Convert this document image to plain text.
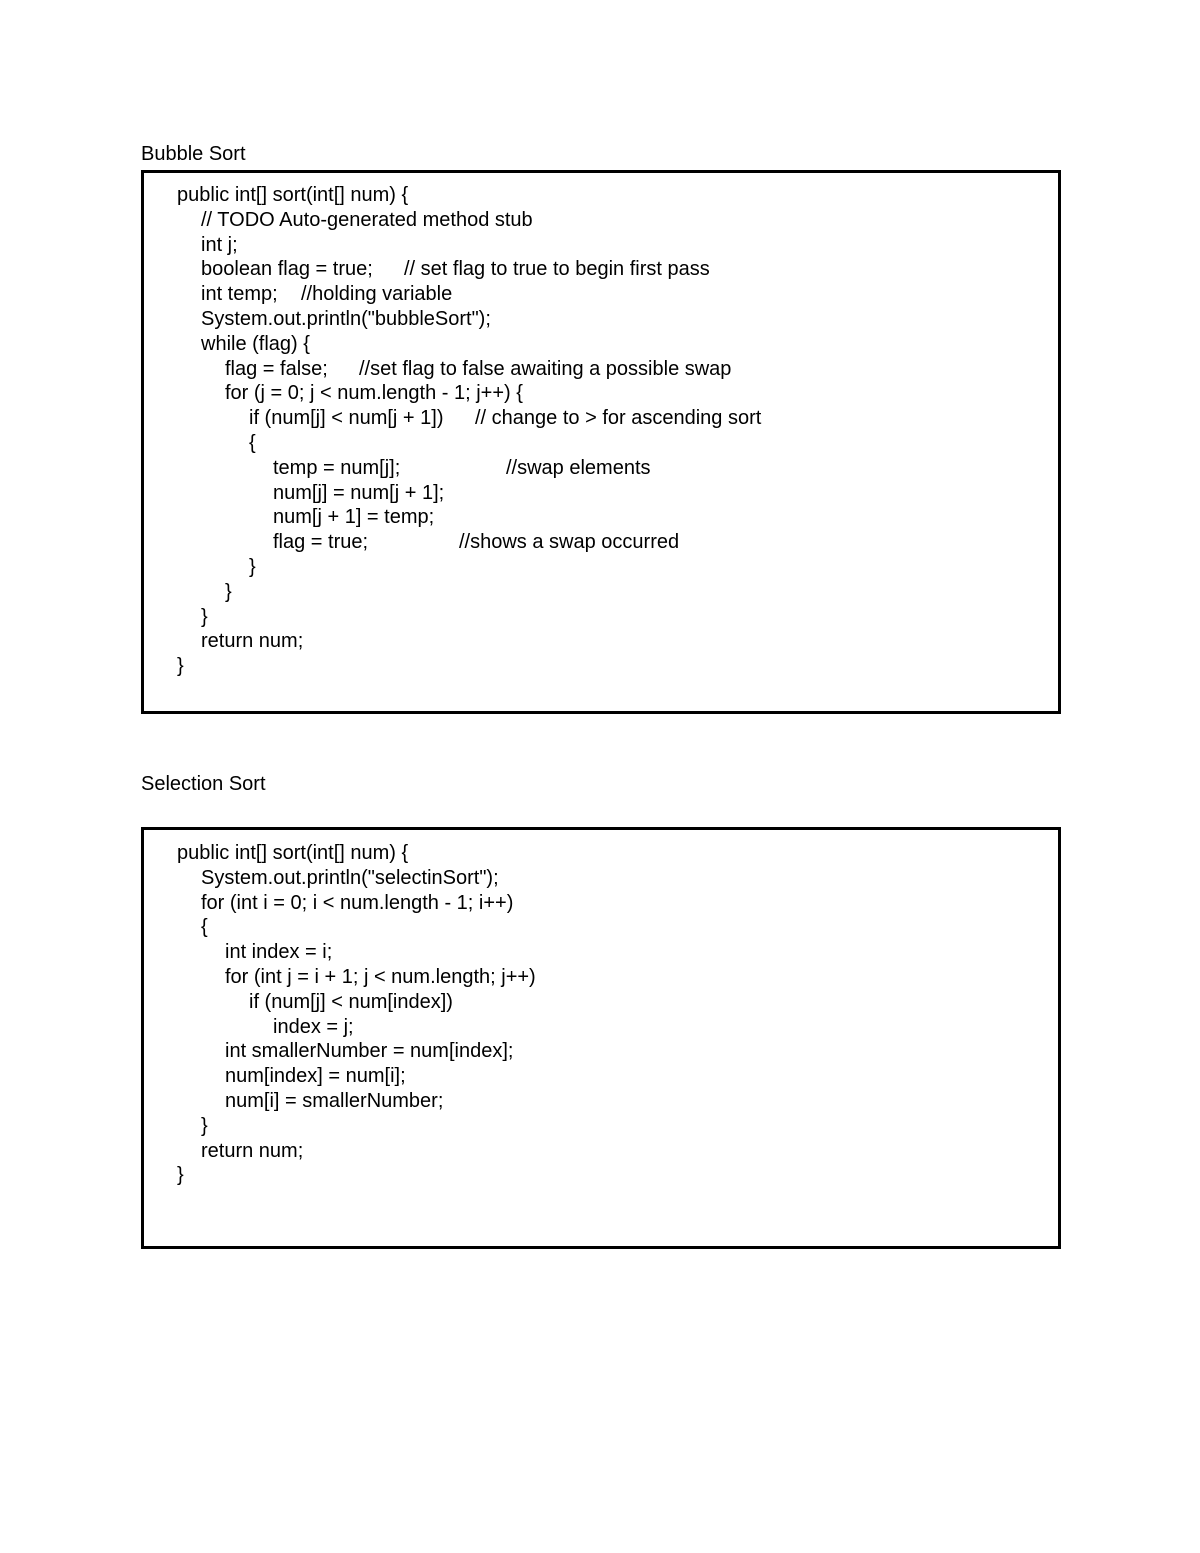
Bubble Sort
public int[] sort(int[] num) {
// TODO Auto-generated method stub
int j;
boolean flag = true; // set flag to true to begin first pass
int temp; //holding variable
System.out.println("bubbleSort");
while (flag) {
flag = false; //set flag to false awaiting a possible swap
for (j = 0; j < num.length - 1; j++) {
if (num[j] < num[j + 1]) // change to > for ascending sort
{
temp = num[j];	//swap elements
num[j] = num[j + 1];
num[j + 1] = temp;
flag = true;	//shows a swap occurred
}
}
}
return num;
}
Selection Sort
public int[] sort(int[] num) {
System.out.println("selectinSort");
for (int i = 0; i < num.length - 1; i++)
{
int index = i;
for (int j = i + 1; j < num.length; j++)
if (num[j] < num[index])
index = j;
int smallerNumber = num[index];
num[index] = num[i];
num[i] = smallerNumber;
}
return num;
}
